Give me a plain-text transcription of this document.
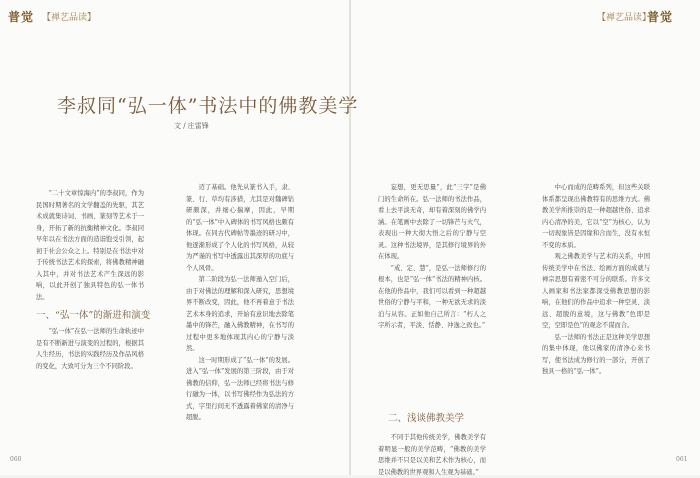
普觉 【禅艺品读】	【禅艺品读】
普觉
李叔同“弘一体”书法中的佛教美学
文 / 庄雷锋

“二十文章惊海内”的李叔同，作为民国时期著名的文学翻盖的先驱，其艺术成就集诗词、书画、篆刻等艺术于一身，开拓了新的抗衡精神文化。李叔同早年以在书法方面的造诣饱受引领，起初于社会公众之上。特别是在书法中对于传统书法艺术的探索，将佛教精神融入其中，并对书法艺术产生深远的影响，以此开创了独具特色的弘一体书法。

一、“弘一体”的渐进和演变

“弘一体”在弘一法师的生命轨迹中是有不断新进与演变的过程的，根据其人生经历，书法的实践经历及作品风格的变化，大致可分为三个不同阶段。

迈了基础。他先从篆书入手，隶、篆、行、草均有涉猎，尤其是对魏碑钻研颇深，并细心揣摩，因此，早期的“弘一体”中入碑体的书写风格也颇有体现。在同古代碑帖等墨迹的研习中，他逐渐形成了个人化的书写风格，从较为严谨的书写中透露出其深厚的功底与个人风骨。

第二阶段为弘一法师遁入空门后，由于对佛法的理解和深入研究，思想境界不断改变，因此，他不再着意于书法艺术本身的追求，开始有意识地去除笔墨中的锋芒，融入佛教精神，在书写的过程中更多地体现其内心的宁静与淡然。

这一时期形成了“弘一体”的发展。进入“弘一体”发展的第三阶段，由于对佛教的信仰，弘一法师已经将书法与修行融为一体，以书写佛经作为弘法的方式，字里行间无不透露着佛家的清净与超脱。

妄想，更无思量”，此“三字”是佛门的生命所在。弘一法师的书法作品，看上去平淡无奇，却有着深刻的佛学内涵。在笔画中去除了一切锋芒与火气，表现出一种大彻大悟之后的宁静与空灵。这种书法境界，是其修行境界的外在体现。

“戒、定、慧”，是弘一法师修行的根本，也是“弘一体”书法的精神内核。在他的作品中，我们可以看到一种超越世俗的宁静与平和，一种无欲无求的淡泊与从容。正如他自己所言：“朽人之字所示者，平淡、恬静、冲逸之致也。”

二、浅谈佛教美学

不同于其他传统美学，佛教美学有着明显一般的美学范畴，“佛教的美学思维并不只是以美和艺术作为核心，而是以佛教的世界观和人生观为基础。”

中心而成的范畴系列，但这些关联体系都呈现出佛教特有的思维方式。佛教美学所推崇的是一种超越世俗、追求内心清净的美，它以“空”为核心，认为一切现象皆是因缘和合而生，没有永恒不变的本质。

观之佛教美学与艺术的关系，中国传统美学中在书法、绘画方面的成就与禅宗思想有着密不可分的联系。许多文人画家和书法家都深受佛教思想的影响，在他们的作品中追求一种空灵、淡远、超脱的意境，这与佛教“色即是空，空即是色”的观念不谋而合。

弘一法师的书法正是这种美学思想的集中体现，他以佛家的清净心来书写，使书法成为修行的一部分，开创了独具一格的“弘一体”。

060	061
